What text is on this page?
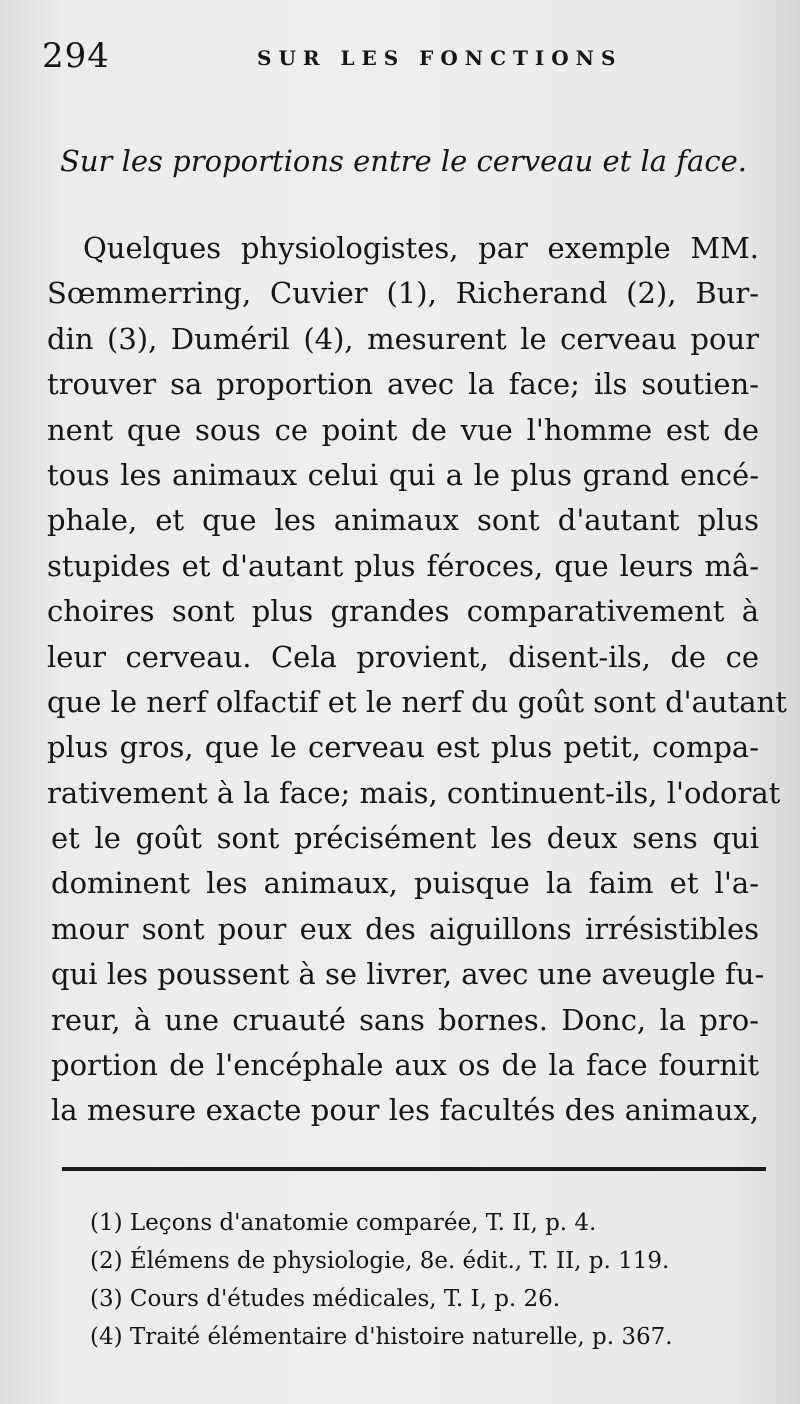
294	SUR LES FONCTIONS
Sur les proportions entre le cerveau et la face.
Quelques physiologistes, par exemple MM.
Sœmmerring, Cuvier (1), Richerand (2), Bur-
din (3), Duméril (4), mesurent le cerveau pour
trouver sa proportion avec la face; ils soutien-
nent que sous ce point de vue l'homme est de
tous les animaux celui qui a le plus grand encé-
phale, et que les animaux sont d'autant plus
stupides et d'autant plus féroces, que leurs mâ-
choires sont plus grandes comparativement à
leur cerveau. Cela provient, disent-ils, de ce
que le nerf olfactif et le nerf du goût sont d'autant
plus gros, que le cerveau est plus petit, compa-
rativement à la face; mais, continuent-ils, l'odorat
et le goût sont précisément les deux sens qui
dominent les animaux, puisque la faim et l'a-
mour sont pour eux des aiguillons irrésistibles
qui les poussent à se livrer, avec une aveugle fu-
reur, à une cruauté sans bornes. Donc, la pro-
portion de l'encéphale aux os de la face fournit
la mesure exacte pour les facultés des animaux,
(1) Leçons d'anatomie comparée, T. II, p. 4.
(2) Élémens de physiologie, 8e. édit., T. II, p. 119.
(3) Cours d'études médicales, T. I, p. 26.
(4) Traité élémentaire d'histoire naturelle, p. 367.
